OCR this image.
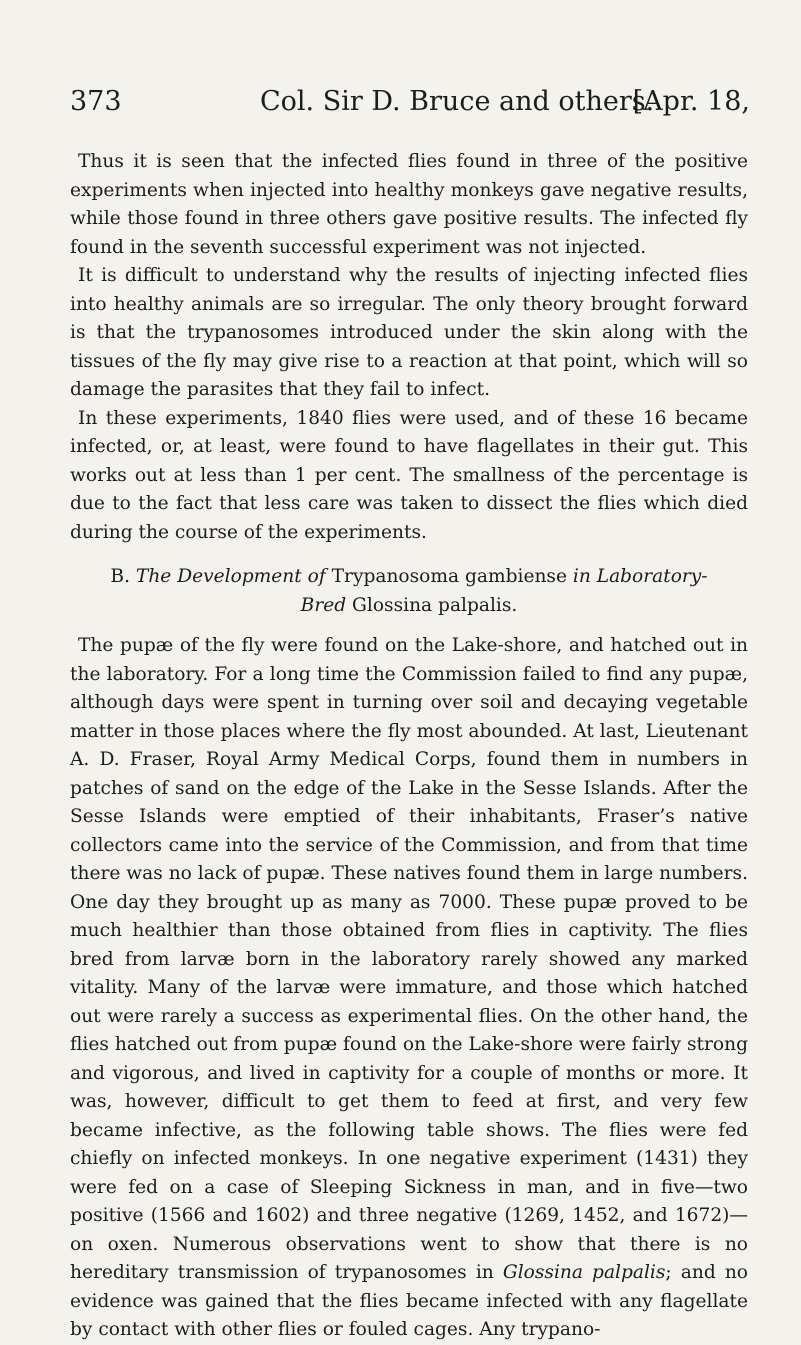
373	Col. Sir D. Bruce and others.
[Apr. 18,

Thus it is seen that the infected flies found in three of the positive experiments when injected into healthy monkeys gave negative results, while those found in three others gave positive results. The infected fly found in the seventh successful experiment was not injected.

It is difficult to understand why the results of injecting infected flies into healthy animals are so irregular. The only theory brought forward is that the trypanosomes introduced under the skin along with the tissues of the fly may give rise to a reaction at that point, which will so damage the parasites that they fail to infect.

In these experiments, 1840 flies were used, and of these 16 became infected, or, at least, were found to have flagellates in their gut. This works out at less than 1 per cent. The smallness of the percentage is due to the fact that less care was taken to dissect the flies which died during the course of the experiments.

B. The Development of Trypanosoma gambiense in Laboratory-Bred Glossina palpalis.

The pupæ of the fly were found on the Lake-shore, and hatched out in the laboratory. For a long time the Commission failed to find any pupæ, although days were spent in turning over soil and decaying vegetable matter in those places where the fly most abounded. At last, Lieutenant A. D. Fraser, Royal Army Medical Corps, found them in numbers in patches of sand on the edge of the Lake in the Sesse Islands. After the Sesse Islands were emptied of their inhabitants, Fraser’s native collectors came into the service of the Commission, and from that time there was no lack of pupæ. These natives found them in large numbers. One day they brought up as many as 7000. These pupæ proved to be much healthier than those obtained from flies in captivity. The flies bred from larvæ born in the laboratory rarely showed any marked vitality. Many of the larvæ were immature, and those which hatched out were rarely a success as experimental flies. On the other hand, the flies hatched out from pupæ found on the Lake-shore were fairly strong and vigorous, and lived in captivity for a couple of months or more. It was, however, difficult to get them to feed at first, and very few became infective, as the following table shows. The flies were fed chiefly on infected monkeys. In one negative experiment (1431) they were fed on a case of Sleeping Sickness in man, and in five—two positive (1566 and 1602) and three negative (1269, 1452, and 1672)—on oxen. Numerous observations went to show that there is no hereditary transmission of trypanosomes in Glossina palpalis; and no evidence was gained that the flies became infected with any flagellate by contact with other flies or fouled cages. Any trypano-
